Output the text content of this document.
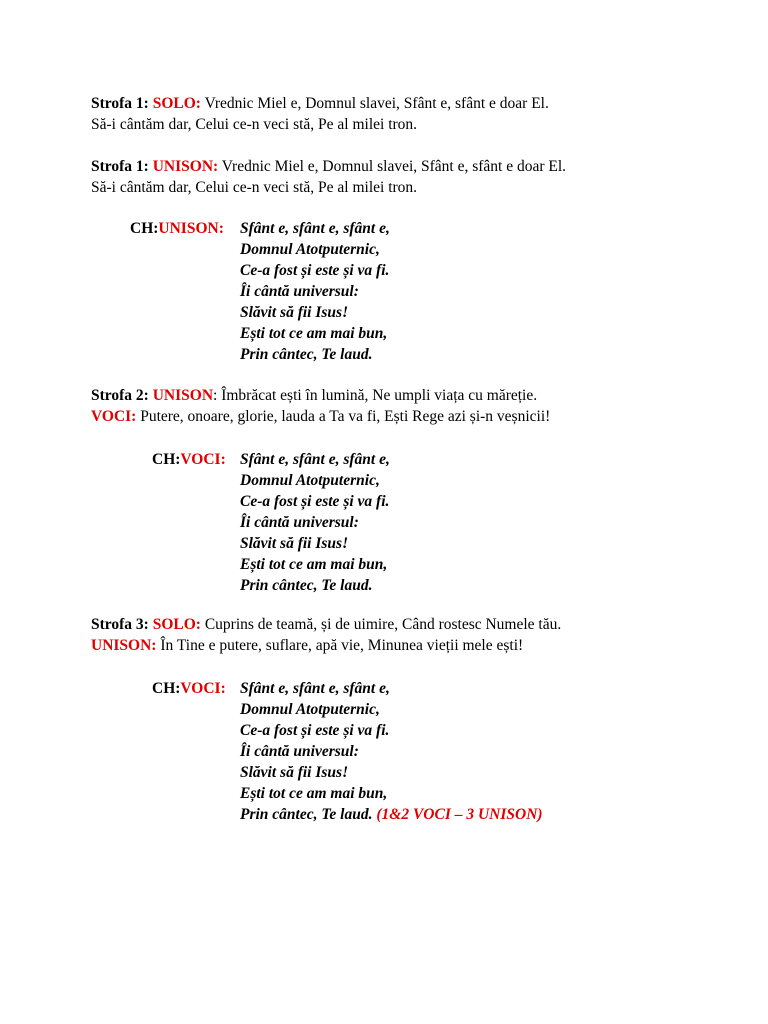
Strofa 1: SOLO: Vrednic Miel e, Domnul slavei, Sfânt e, sfânt e doar El.
Să-i cântăm dar, Celui ce-n veci stă, Pe al milei tron.
Strofa 1: UNISON: Vrednic Miel e, Domnul slavei, Sfânt e, sfânt e doar El.
Să-i cântăm dar, Celui ce-n veci stă, Pe al milei tron.
CH:UNISON: Sfânt e, sfânt e, sfânt e,
Domnul Atotputernic,
Ce-a fost și este și va fi.
Îi cântă universul:
Slăvit să fii Isus!
Ești tot ce am mai bun,
Prin cântec, Te laud.
Strofa 2: UNISON: Îmbrăcat ești în lumină, Ne umpli viața cu măreție.
VOCI: Putere, onoare, glorie, lauda a Ta va fi, Ești Rege azi și-n veșnicii!
CH:VOCI: Sfânt e, sfânt e, sfânt e,
Domnul Atotputernic,
Ce-a fost și este și va fi.
Îi cântă universul:
Slăvit să fii Isus!
Ești tot ce am mai bun,
Prin cântec, Te laud.
Strofa 3: SOLO: Cuprins de teamă, și de uimire, Când rostesc Numele tău.
UNISON: În Tine e putere, suflare, apă vie, Minunea vieții mele ești!
CH:VOCI: Sfânt e, sfânt e, sfânt e,
Domnul Atotputernic,
Ce-a fost și este și va fi.
Îi cântă universul:
Slăvit să fii Isus!
Ești tot ce am mai bun,
Prin cântec, Te laud. (1&2 VOCI – 3 UNISON)
